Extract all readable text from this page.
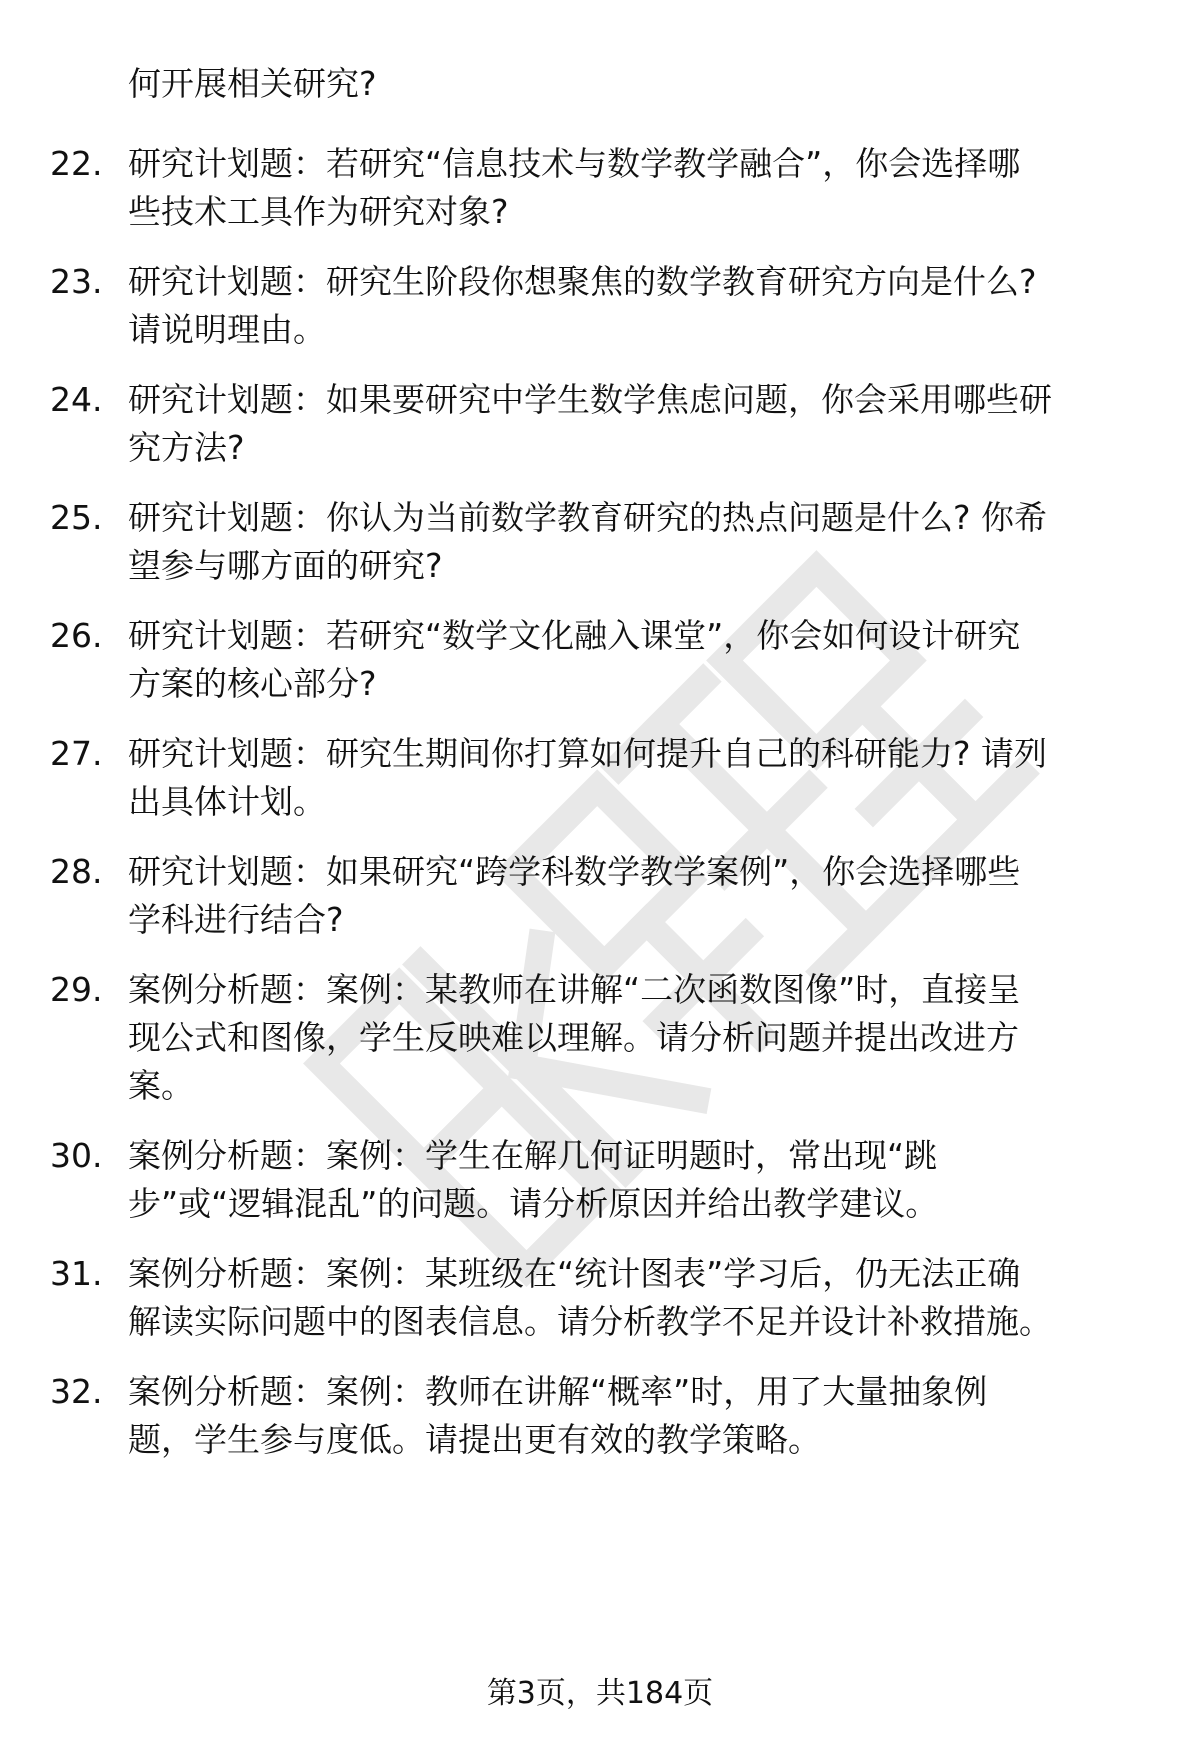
何开展相关研究?
22. 研究计划题：若研究“信息技术与数学教学融合”，你会选择哪
些技术工具作为研究对象?
23. 研究计划题：研究生阶段你想聚焦的数学教育研究方向是什么?
请说明理由。
24. 研究计划题：如果要研究中学生数学焦虑问题，你会采用哪些研
究方法?
25. 研究计划题：你认为当前数学教育研究的热点问题是什么? 你希
望参与哪方面的研究?
26. 研究计划题：若研究“数学文化融入课堂”，你会如何设计研究
方案的核心部分?
27. 研究计划题：研究生期间你打算如何提升自己的科研能力? 请列
出具体计划。
28. 研究计划题：如果研究“跨学科数学教学案例”，你会选择哪些
学科进行结合?
29. 案例分析题：案例：某教师在讲解“二次函数图像”时，直接呈
现公式和图像，学生反映难以理解。请分析问题并提出改进方
案。
30. 案例分析题：案例：学生在解几何证明题时，常出现“跳
步”或“逻辑混乱”的问题。请分析原因并给出教学建议。
31. 案例分析题：案例：某班级在“统计图表”学习后，仍无法正确
解读实际问题中的图表信息。请分析教学不足并设计补救措施。
32. 案例分析题：案例：教师在讲解“概率”时，用了大量抽象例
题，学生参与度低。请提出更有效的教学策略。
第3页，共184页
